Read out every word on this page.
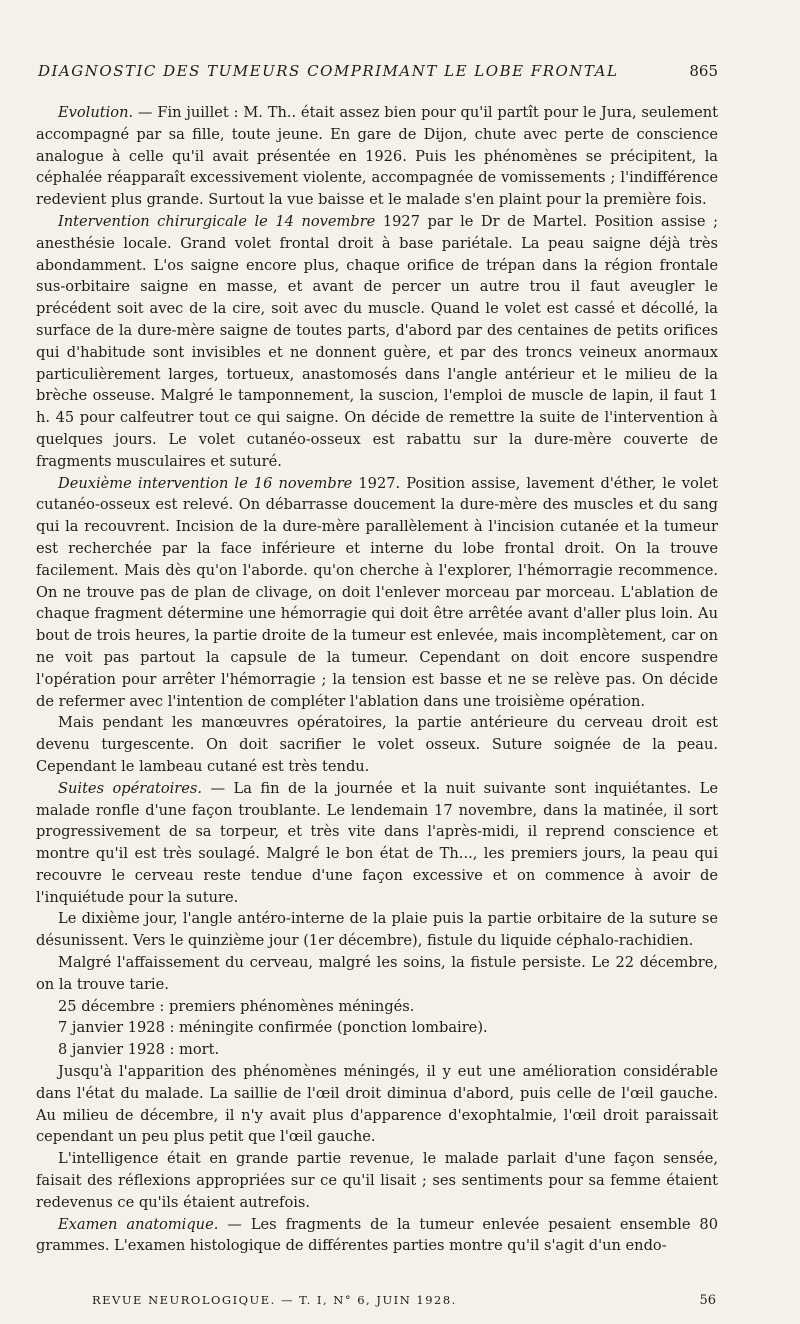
DIAGNOSTIC DES TUMEURS COMPRIMANT LE LOBE FRONTAL	865

Evolution. — Fin juillet : M. Th.. était assez bien pour qu'il partît pour le Jura, seulement accompagné par sa fille, toute jeune. En gare de Dijon, chute avec perte de conscience analogue à celle qu'il avait présentée en 1926. Puis les phénomènes se précipitent, la céphalée réapparaît excessivement violente, accompagnée de vomissements ; l'indifférence redevient plus grande. Surtout la vue baisse et le malade s'en plaint pour la première fois.

Intervention chirurgicale le 14 novembre 1927 par le Dr de Martel. Position assise ; anesthésie locale. Grand volet frontal droit à base pariétale. La peau saigne déjà très abondamment. L'os saigne encore plus, chaque orifice de trépan dans la région frontale sus-orbitaire saigne en masse, et avant de percer un autre trou il faut aveugler le précédent soit avec de la cire, soit avec du muscle. Quand le volet est cassé et décollé, la surface de la dure-mère saigne de toutes parts, d'abord par des centaines de petits orifices qui d'habitude sont invisibles et ne donnent guère, et par des troncs veineux anormaux particulièrement larges, tortueux, anastomosés dans l'angle antérieur et le milieu de la brèche osseuse. Malgré le tamponnement, la suscion, l'emploi de muscle de lapin, il faut 1 h. 45 pour calfeutrer tout ce qui saigne. On décide de remettre la suite de l'intervention à quelques jours. Le volet cutanéo-osseux est rabattu sur la dure-mère couverte de fragments musculaires et suturé.

Deuxième intervention le 16 novembre 1927. Position assise, lavement d'éther, le volet cutanéo-osseux est relevé. On débarrasse doucement la dure-mère des muscles et du sang qui la recouvrent. Incision de la dure-mère parallèlement à l'incision cutanée et la tumeur est recherchée par la face inférieure et interne du lobe frontal droit. On la trouve facilement. Mais dès qu'on l'aborde. qu'on cherche à l'explorer, l'hémorragie recommence. On ne trouve pas de plan de clivage, on doit l'enlever morceau par morceau. L'ablation de chaque fragment détermine une hémorragie qui doit être arrêtée avant d'aller plus loin. Au bout de trois heures, la partie droite de la tumeur est enlevée, mais incomplètement, car on ne voit pas partout la capsule de la tumeur. Cependant on doit encore suspendre l'opération pour arrêter l'hémorragie ; la tension est basse et ne se relève pas. On décide de refermer avec l'intention de compléter l'ablation dans une troisième opération.

Mais pendant les manœuvres opératoires, la partie antérieure du cerveau droit est devenu turgescente. On doit sacrifier le volet osseux. Suture soignée de la peau. Cependant le lambeau cutané est très tendu.

Suites opératoires. — La fin de la journée et la nuit suivante sont inquiétantes. Le malade ronfle d'une façon troublante. Le lendemain 17 novembre, dans la matinée, il sort progressivement de sa torpeur, et très vite dans l'après-midi, il reprend conscience et montre qu'il est très soulagé. Malgré le bon état de Th..., les premiers jours, la peau qui recouvre le cerveau reste tendue d'une façon excessive et on commence à avoir de l'inquiétude pour la suture.

Le dixième jour, l'angle antéro-interne de la plaie puis la partie orbitaire de la suture se désunissent. Vers le quinzième jour (1er décembre), fistule du liquide céphalo-rachidien.

Malgré l'affaissement du cerveau, malgré les soins, la fistule persiste. Le 22 décembre, on la trouve tarie.

25 décembre : premiers phénomènes méningés.

7 janvier 1928 : méningite confirmée (ponction lombaire).

8 janvier 1928 : mort.

Jusqu'à l'apparition des phénomènes méningés, il y eut une amélioration considérable dans l'état du malade. La saillie de l'œil droit diminua d'abord, puis celle de l'œil gauche. Au milieu de décembre, il n'y avait plus d'apparence d'exophtalmie, l'œil droit paraissait cependant un peu plus petit que l'œil gauche.

L'intelligence était en grande partie revenue, le malade parlait d'une façon sensée, faisait des réflexions appropriées sur ce qu'il lisait ; ses sentiments pour sa femme étaient redevenus ce qu'ils étaient autrefois.

Examen anatomique. — Les fragments de la tumeur enlevée pesaient ensemble 80 grammes. L'examen histologique de différentes parties montre qu'il s'agit d'un endo-

REVUE NEUROLOGIQUE. — T. I, N° 6, JUIN 1928.	56
